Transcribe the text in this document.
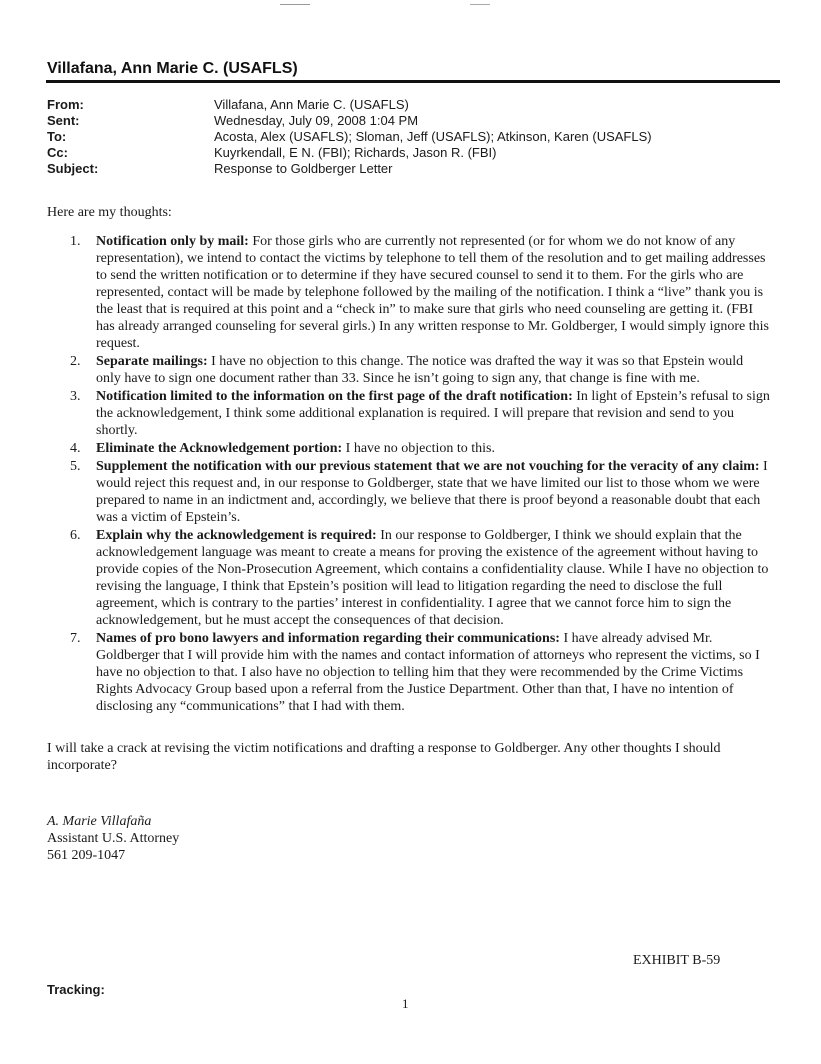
Villafana, Ann Marie C. (USAFLS)
From:	Villafana, Ann Marie C. (USAFLS)
Sent:	Wednesday, July 09, 2008 1:04 PM
To:	Acosta, Alex (USAFLS); Sloman, Jeff (USAFLS); Atkinson, Karen (USAFLS)
Cc:	Kuyrkendall, E N. (FBI); Richards, Jason R. (FBI)
Subject:	Response to Goldberger Letter
Here are my thoughts:
1. Notification only by mail: For those girls who are currently not represented (or for whom we do not know of any representation), we intend to contact the victims by telephone to tell them of the resolution and to get mailing addresses to send the written notification or to determine if they have secured counsel to send it to them. For the girls who are represented, contact will be made by telephone followed by the mailing of the notification. I think a “live” thank you is the least that is required at this point and a “check in” to make sure that girls who need counseling are getting it. (FBI has already arranged counseling for several girls.) In any written response to Mr. Goldberger, I would simply ignore this request.
2. Separate mailings: I have no objection to this change. The notice was drafted the way it was so that Epstein would only have to sign one document rather than 33. Since he isn’t going to sign any, that change is fine with me.
3. Notification limited to the information on the first page of the draft notification: In light of Epstein’s refusal to sign the acknowledgement, I think some additional explanation is required. I will prepare that revision and send to you shortly.
4. Eliminate the Acknowledgement portion: I have no objection to this.
5. Supplement the notification with our previous statement that we are not vouching for the veracity of any claim: I would reject this request and, in our response to Goldberger, state that we have limited our list to those whom we were prepared to name in an indictment and, accordingly, we believe that there is proof beyond a reasonable doubt that each was a victim of Epstein’s.
6. Explain why the acknowledgement is required: In our response to Goldberger, I think we should explain that the acknowledgement language was meant to create a means for proving the existence of the agreement without having to provide copies of the Non-Prosecution Agreement, which contains a confidentiality clause. While I have no objection to revising the language, I think that Epstein’s position will lead to litigation regarding the need to disclose the full agreement, which is contrary to the parties’ interest in confidentiality. I agree that we cannot force him to sign the acknowledgement, but he must accept the consequences of that decision.
7. Names of pro bono lawyers and information regarding their communications: I have already advised Mr. Goldberger that I will provide him with the names and contact information of attorneys who represent the victims, so I have no objection to that. I also have no objection to telling him that they were recommended by the Crime Victims Rights Advocacy Group based upon a referral from the Justice Department. Other than that, I have no intention of disclosing any “communications” that I had with them.
I will take a crack at revising the victim notifications and drafting a response to Goldberger. Any other thoughts I should incorporate?
A. Marie Villafaña
Assistant U.S. Attorney
561 209-1047
EXHIBIT B-59
Tracking:
1
